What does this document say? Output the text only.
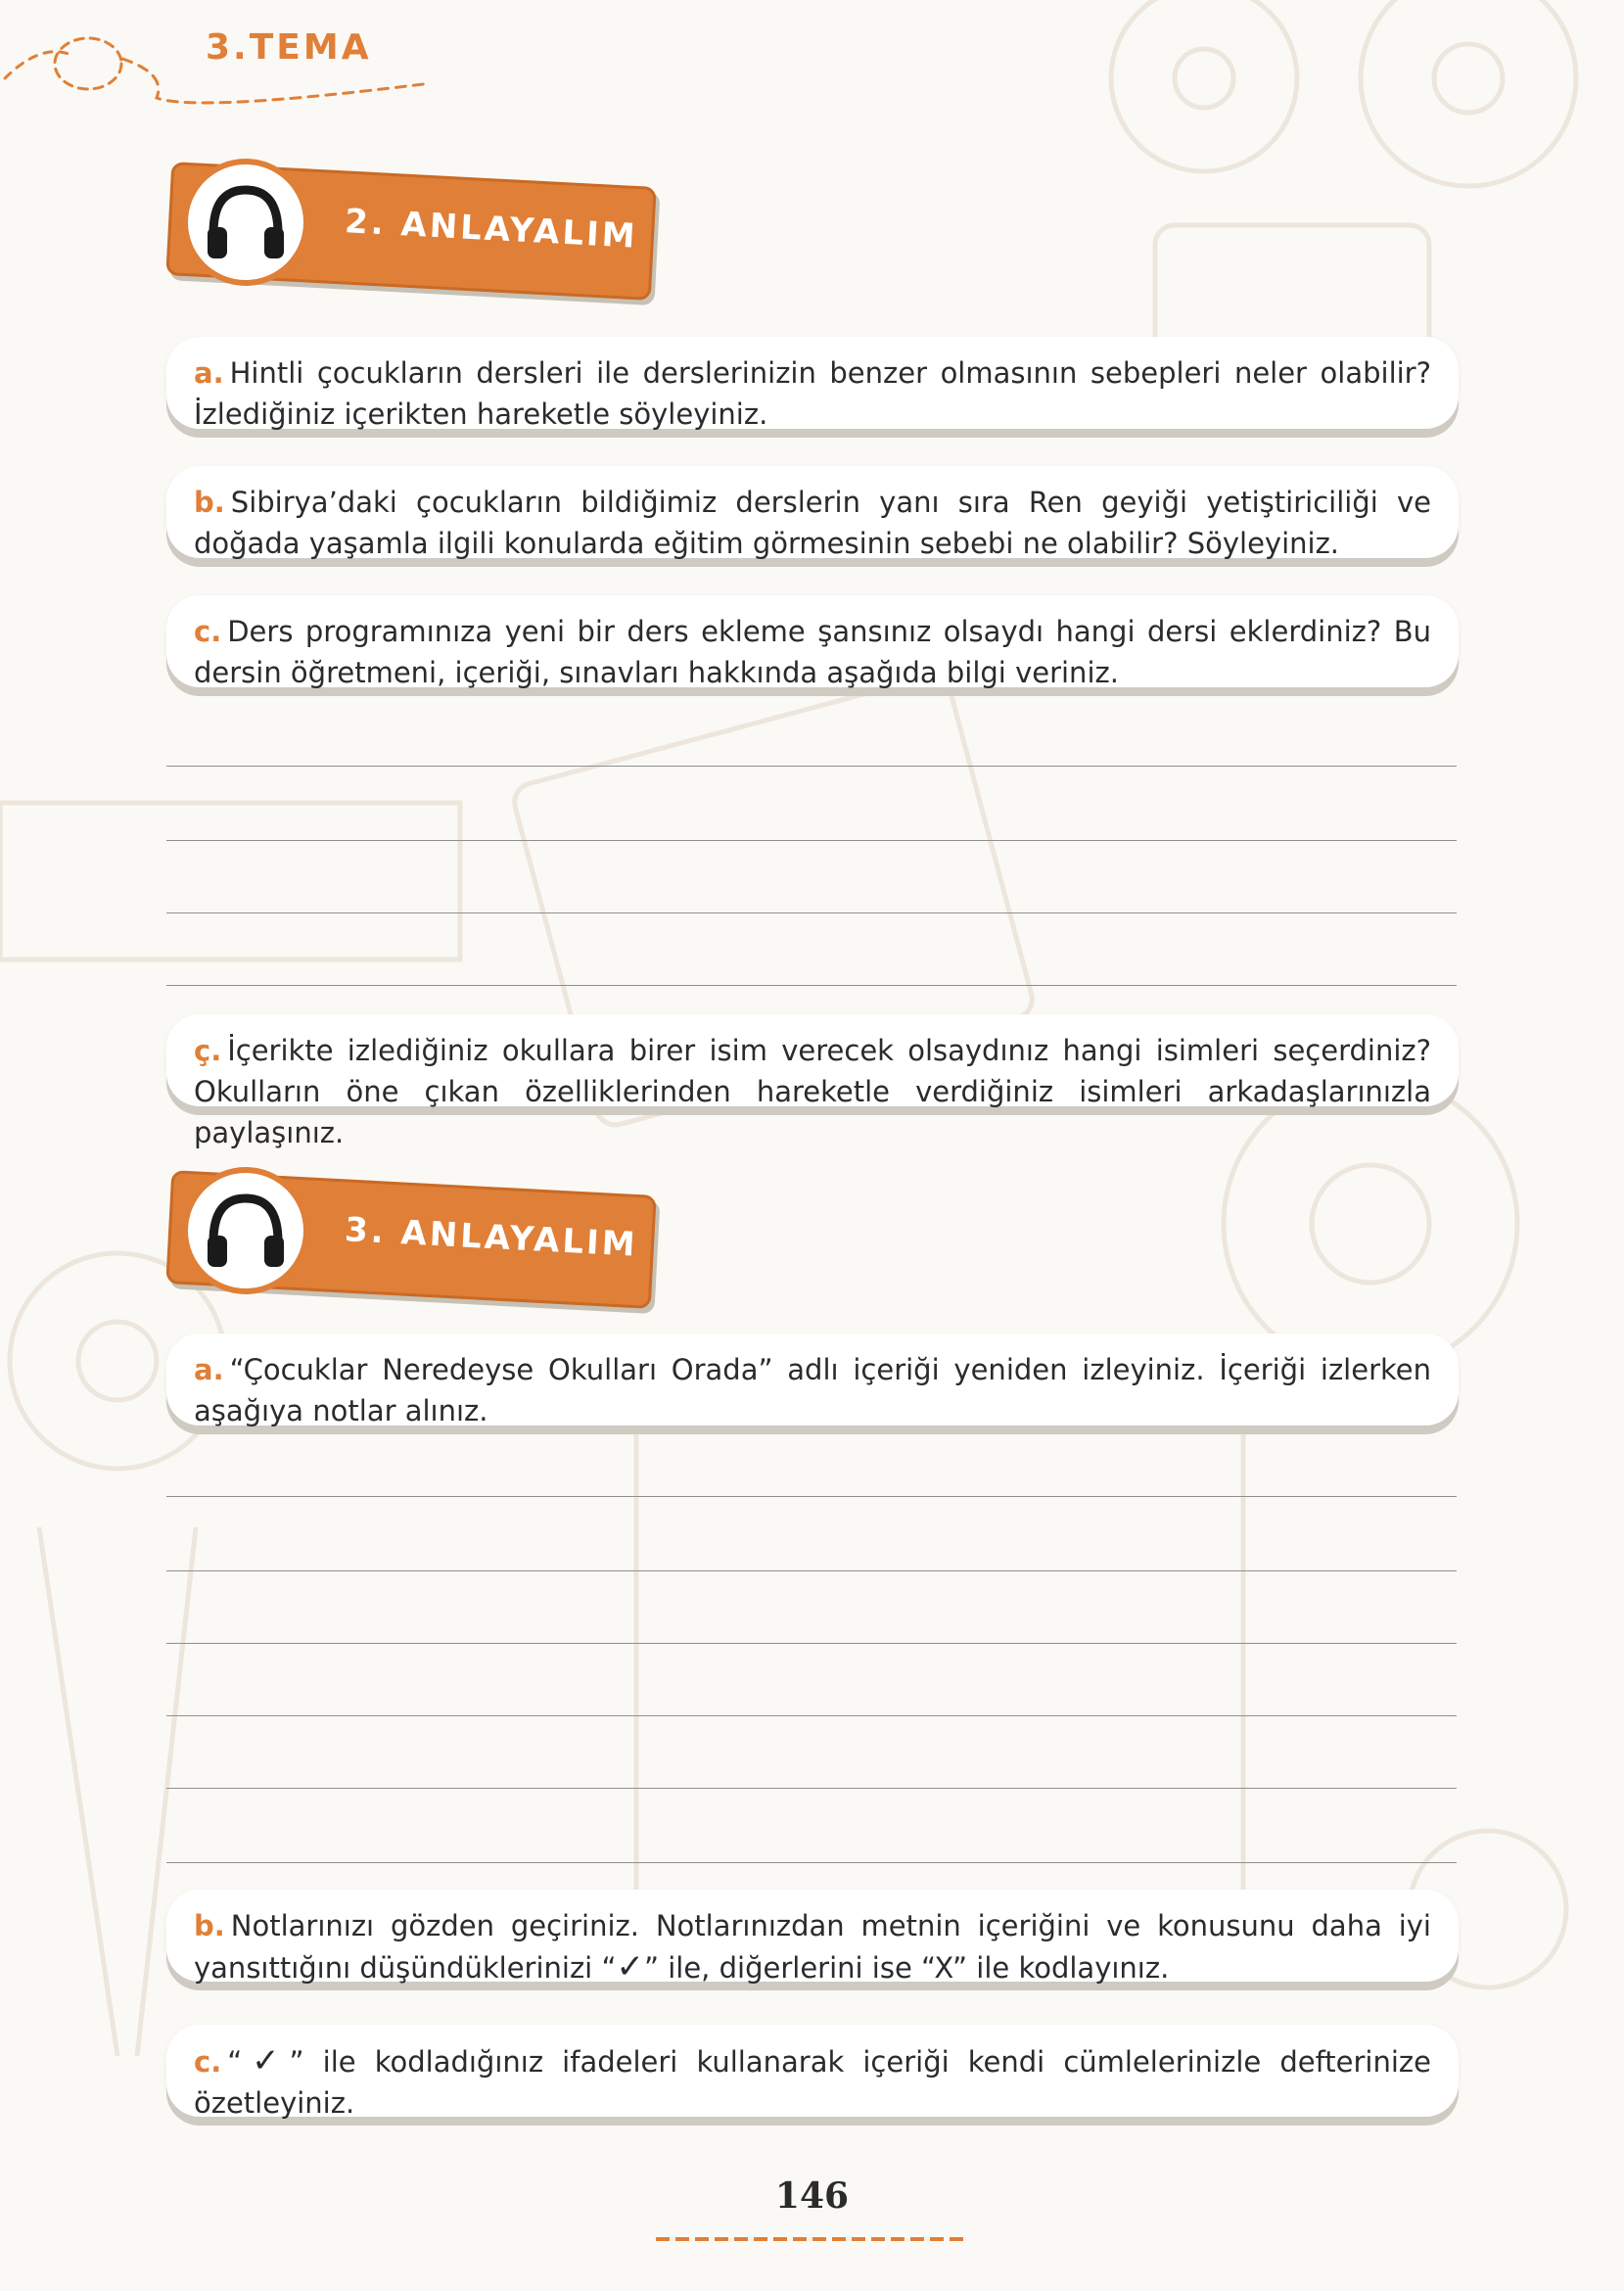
3.TEMA
2. ANLAYALIM
a. Hintli çocukların dersleri ile derslerinizin benzer olmasının sebepleri neler olabilir? İzlediğiniz içerikten hareketle söyleyiniz.
b. Sibirya’daki çocukların bildiğimiz derslerin yanı sıra Ren geyiği yetiştiriciliği ve doğada yaşamla ilgili konularda eğitim görmesinin sebebi ne olabilir? Söyleyiniz.
c. Ders programınıza yeni bir ders ekleme şansınız olsaydı hangi dersi eklerdiniz? Bu dersin öğretmeni, içeriği, sınavları hakkında aşağıda bilgi veriniz.
ç. İçerikte izlediğiniz okullara birer isim verecek olsaydınız hangi isimleri seçerdiniz? Okulların öne çıkan özelliklerinden hareketle verdiğiniz isimleri arkadaşlarınızla paylaşınız.
3. ANLAYALIM
a. “Çocuklar Neredeyse Okulları Orada” adlı içeriği yeniden izleyiniz. İçeriği izlerken aşağıya notlar alınız.
b. Notlarınızı gözden geçiriniz. Notlarınızdan metnin içeriğini ve konusunu daha iyi yansıttığını düşündüklerinizi “✓” ile, diğerlerini ise “X” ile kodlayınız.
c. “✓” ile kodladığınız ifadeleri kullanarak içeriği kendi cümlelerinizle defterinize özetleyiniz.
146
